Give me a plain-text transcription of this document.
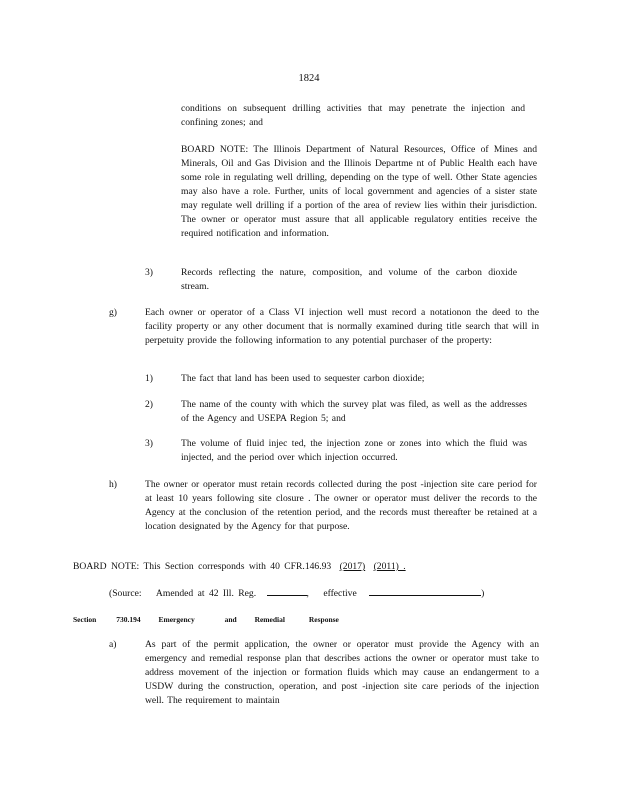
1824
conditions on subsequent drilling activities that may penetrate the injection and confining zones; and
BOARD NOTE: The Illinois Department of Natural Resources, Office of Mines and Minerals, Oil and Gas Division and the Illinois Departme nt of Public Health each have some role in regulating well drilling, depending on the type of well. Other State agencies may also have a role. Further, units of local government and agencies of a sister state may regulate well drilling if a portion of the area of review lies within their jurisdiction. The owner or operator must assure that all applicable regulatory entities receive the required notification and information.
3)	Records reflecting the nature, composition, and volume of the carbon dioxide stream.
g)	Each owner or operator of a Class VI injection well must record a notationon the deed to the facility property or any other document that is normally examined during title search that will in perpetuity provide the following information to any potential purchaser of the property:
1)	The fact that land has been used to sequester carbon dioxide;
2)	The name of the county with which the survey plat was filed, as well as the addresses of the Agency and USEPA Region 5; and
3)	The volume of fluid injec ted, the injection zone or zones into which the fluid was injected, and the period over which injection occurred.
h)	The owner or operator must retain records collected during the post -injection site care period for at least 10 years following site closure . The owner or operator must deliver the records to the Agency at the conclusion of the retention period, and the records must thereafter be retained at a location designated by the Agency for that purpose.
BOARD NOTE: This Section corresponds with 40 CFR.146.93 (2017) (2011) .
(Source: Amended at 42 Ill. Reg.	, effective	)
Section	730.194 Emergency	and Remedial	Response
a)	As part of the permit application, the owner or operator must provide the Agency with an emergency and remedial response plan that describes actions the owner or operator must take to address movement of the injection or formation fluids which may cause an endangerment to a USDW during the construction, operation, and post -injection site care periods of the injection well. The requirement to maintain
